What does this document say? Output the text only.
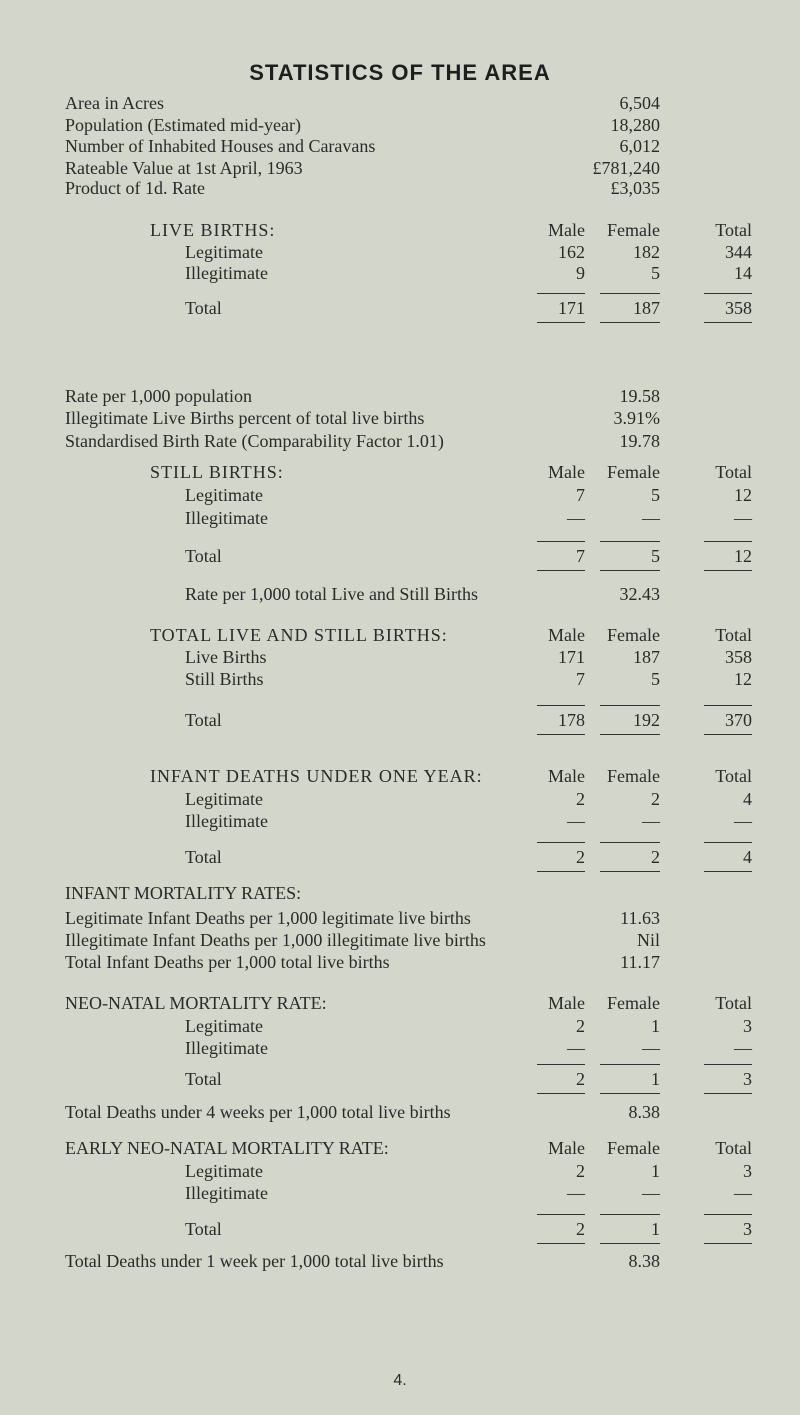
STATISTICS OF THE AREA
Area in Acres	6,504
Population (Estimated mid-year)	18,280
Number of Inhabited Houses and Caravans	6,012
Rateable Value at 1st April, 1963	£781,240
Product of 1d. Rate	£3,035
LIVE BIRTHS:	Male	Female	Total
Legitimate	162	182	344
Illegitimate	9	5	14
Total	171	187	358
Rate per 1,000 population	19.58
Illegitimate Live Births percent of total live births	3.91%
Standardised Birth Rate (Comparability Factor 1.01)	19.78
STILL BIRTHS:	Male	Female	Total
Legitimate	7	5	12
Illegitimate	—	—	—
Total	7	5	12
Rate per 1,000 total Live and Still Births	32.43
TOTAL LIVE AND STILL BIRTHS:	Male	Female	Total
Live Births	171	187	358
Still Births	7	5	12
Total	178	192	370
INFANT DEATHS UNDER ONE YEAR:	Male	Female	Total
Legitimate	2	2	4
Illegitimate	—	—	—
Total	2	2	4
INFANT MORTALITY RATES:
Legitimate Infant Deaths per 1,000 legitimate live births	11.63
Illegitimate Infant Deaths per 1,000 illegitimate live births	Nil
Total Infant Deaths per 1,000 total live births	11.17
NEO-NATAL MORTALITY RATE:	Male	Female	Total
Legitimate	2	1	3
Illegitimate	—	—	—
Total	2	1	3
Total Deaths under 4 weeks per 1,000 total live births	8.38
EARLY NEO-NATAL MORTALITY RATE:	Male	Female	Total
Legitimate	2	1	3
Illegitimate	—	—	—
Total	2	1	3
Total Deaths under 1 week per 1,000 total live births	8.38
4.
